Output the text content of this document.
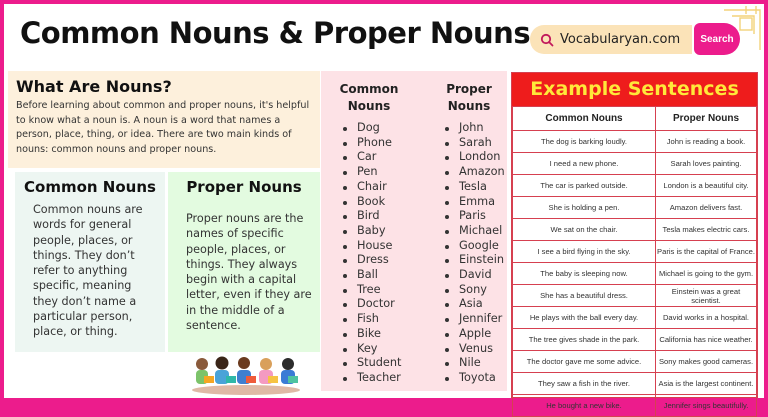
Common Nouns & Proper Nouns Vocabularyan.com	Search
What Are Nouns?
Before learning about common and proper nouns, it's helpful to know what a noun is. A noun is a word that names a person, place, thing, or idea. There are two main kinds of nouns: common nouns and proper nouns.
Common Nouns
Common nouns are words for general people, places, or things. They don’t refer to anything specific, meaning they don’t name a particular person, place, or thing.
Proper Nouns
Proper nouns are the names of specific people, places, or things. They always begin with a capital letter, even if they are in the middle of a sentence.
Common Nouns
Dog
Phone
Car
Pen
Chair
Book
Bird
Baby
House
Dress
Ball
Tree
Doctor
Fish
Bike
Key
Student
Teacher
Proper Nouns
John
Sarah
London
Amazon
Tesla
Emma
Paris
Michael
Google
Einstein
David
Sony
Asia
Jennifer
Apple
Venus
Nile
Toyota
Example Sentences
Common Nouns	Proper Nouns
The dog is barking loudly.	John is reading a book.
I need a new phone.	Sarah loves painting.
The car is parked outside.	London is a beautiful city.
She is holding a pen.	Amazon delivers fast.
We sat on the chair.	Tesla makes electric cars.
I see a bird flying in the sky.	Paris is the capital of France.
The baby is sleeping now.	Michael is going to the gym.
She has a beautiful dress.	Einstein was a great scientist.
He plays with the ball every day.	David works in a hospital.
The tree gives shade in the park.	California has nice weather.
The doctor gave me some advice.	Sony makes good cameras.
They saw a fish in the river.	Asia is the largest continent.
He bought a new bike.	Jennifer sings beautifully.
